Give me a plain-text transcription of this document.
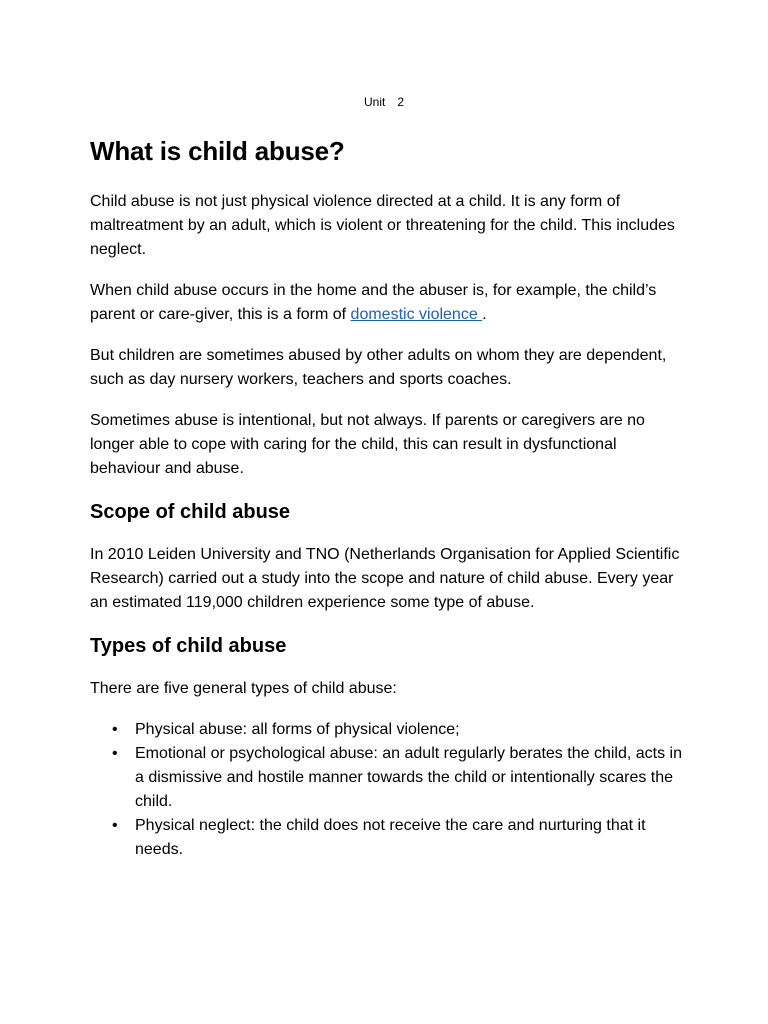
Unit 2
What is child abuse?

Child abuse is not just physical violence directed at a child. It is any form of maltreatment by an adult, which is violent or threatening for the child. This includes neglect.

When child abuse occurs in the home and the abuser is, for example, the child’s parent or care-giver, this is a form of domestic violence .

But children are sometimes abused by other adults on whom they are dependent, such as day nursery workers, teachers and sports coaches.

Sometimes abuse is intentional, but not always. If parents or caregivers are no longer able to cope with caring for the child, this can result in dysfunctional behaviour and abuse.

Scope of child abuse

In 2010 Leiden University and TNO (Netherlands Organisation for Applied Scientific Research) carried out a study into the scope and nature of child abuse. Every year an estimated 119,000 children experience some type of abuse.

Types of child abuse

There are five general types of child abuse:

• Physical abuse: all forms of physical violence;
• Emotional or psychological abuse: an adult regularly berates the child, acts in a dismissive and hostile manner towards the child or intentionally scares the child.
• Physical neglect: the child does not receive the care and nurturing that it needs.
